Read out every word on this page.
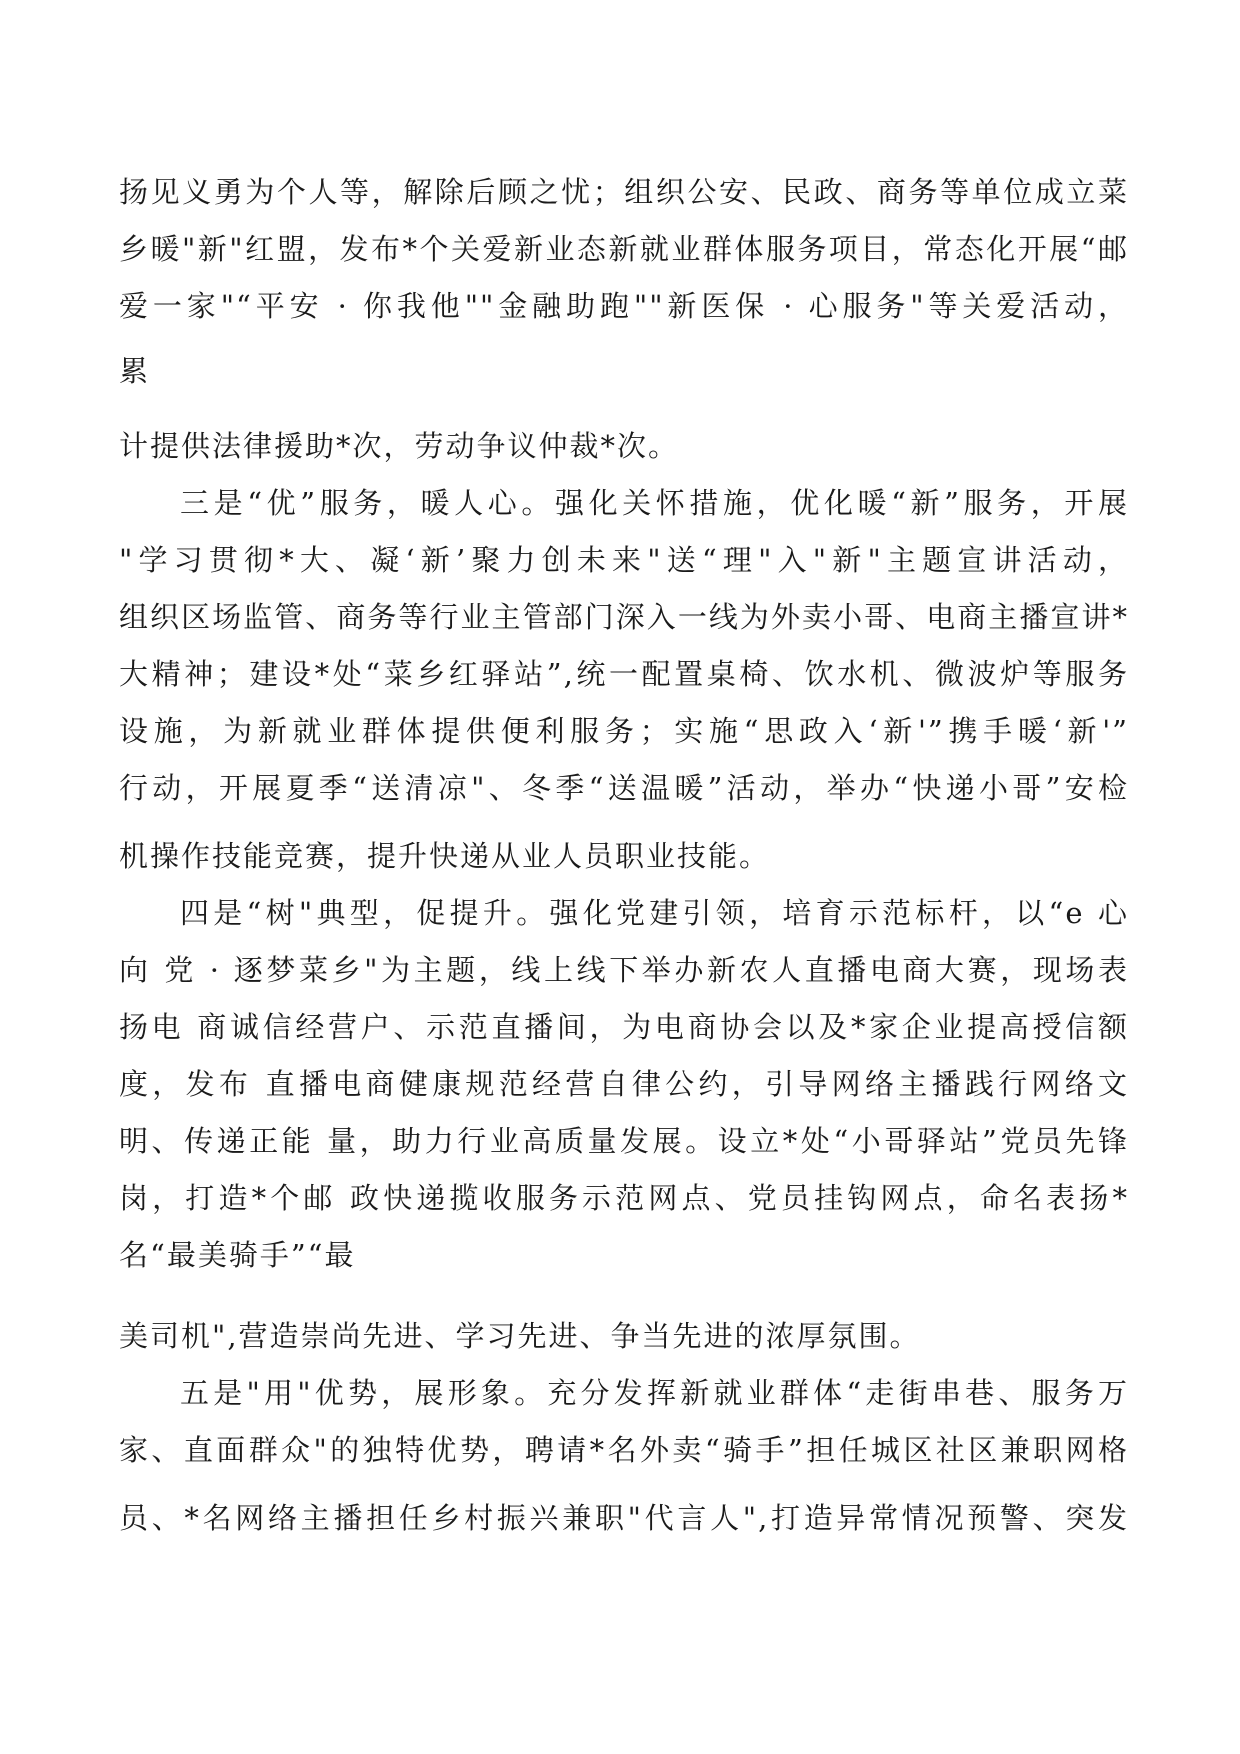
扬见义勇为个人等，解除后顾之忧；组织公安、民政、商务等单位成立菜
乡暖"新"红盟，发布*个关爱新业态新就业群体服务项目，常态化开展“邮
爱一家"“平安 · 你我他""金融助跑""新医保 · 心服务"等关爱活动，
累
计提供法律援助*次，劳动争议仲裁*次。
三是“优”服务，暖人心。强化关怀措施，优化暖“新”服务，开展
"学习贯彻*大、凝‘新’聚力创未来"送“理"入"新"主题宣讲活动，
组织区场监管、商务等行业主管部门深入一线为外卖小哥、电商主播宣讲*
大精神；建设*处“菜乡红驿站”,统一配置桌椅、饮水机、微波炉等服务
设施，为新就业群体提供便利服务；实施“思政入‘新'”携手暖‘新'”
行动，开展夏季“送清凉"、冬季“送温暖”活动，举办“快递小哥”安检
机操作技能竞赛，提升快递从业人员职业技能。
四是“树"典型，促提升。强化党建引领，培育示范标杆，以“e 心
向 党 · 逐梦菜乡"为主题，线上线下举办新农人直播电商大赛，现场表
扬电 商诚信经营户、示范直播间，为电商协会以及*家企业提高授信额
度，发布 直播电商健康规范经营自律公约，引导网络主播践行网络文
明、传递正能 量，助力行业高质量发展。设立*处“小哥驿站”党员先锋
岗，打造*个邮 政快递揽收服务示范网点、党员挂钩网点，命名表扬*
名“最美骑手”“最
美司机",营造崇尚先进、学习先进、争当先进的浓厚氛围。
五是"用"优势，展形象。充分发挥新就业群体“走街串巷、服务万
家、直面群众"的独特优势，聘请*名外卖“骑手”担任城区社区兼职网格
员、*名网络主播担任乡村振兴兼职"代言人",打造异常情况预警、突发
